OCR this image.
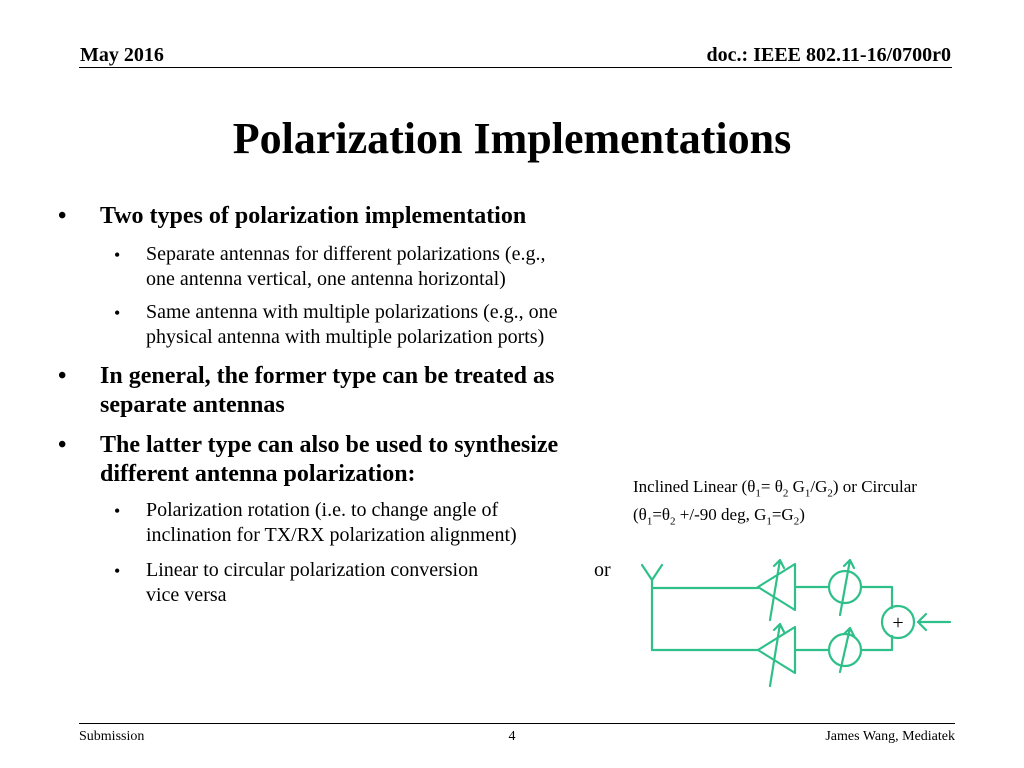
May 2016	doc.: IEEE 802.11-16/0700r0
Polarization Implementations
• Two types of polarization implementation
• Separate antennas for different polarizations (e.g.,
one antenna vertical, one antenna horizontal)
• Same antenna with multiple polarizations (e.g., one
physical antenna with multiple polarization ports)
• In general, the former type can be treated as
separate antennas
• The latter type can also be used to synthesize
different antenna polarization:
• Polarization rotation (i.e. to change angle of
inclination for TX/RX polarization alignment)
• Linear to circular polarization conversion	or
vice versa
Inclined Linear ($\theta_1= \theta_2$ $G_1/G_2$) or Circular
($\theta_1=\theta_2 +/-90$ deg, $G_1=G_2$)
+
Submission	4	James Wang, Mediatek
